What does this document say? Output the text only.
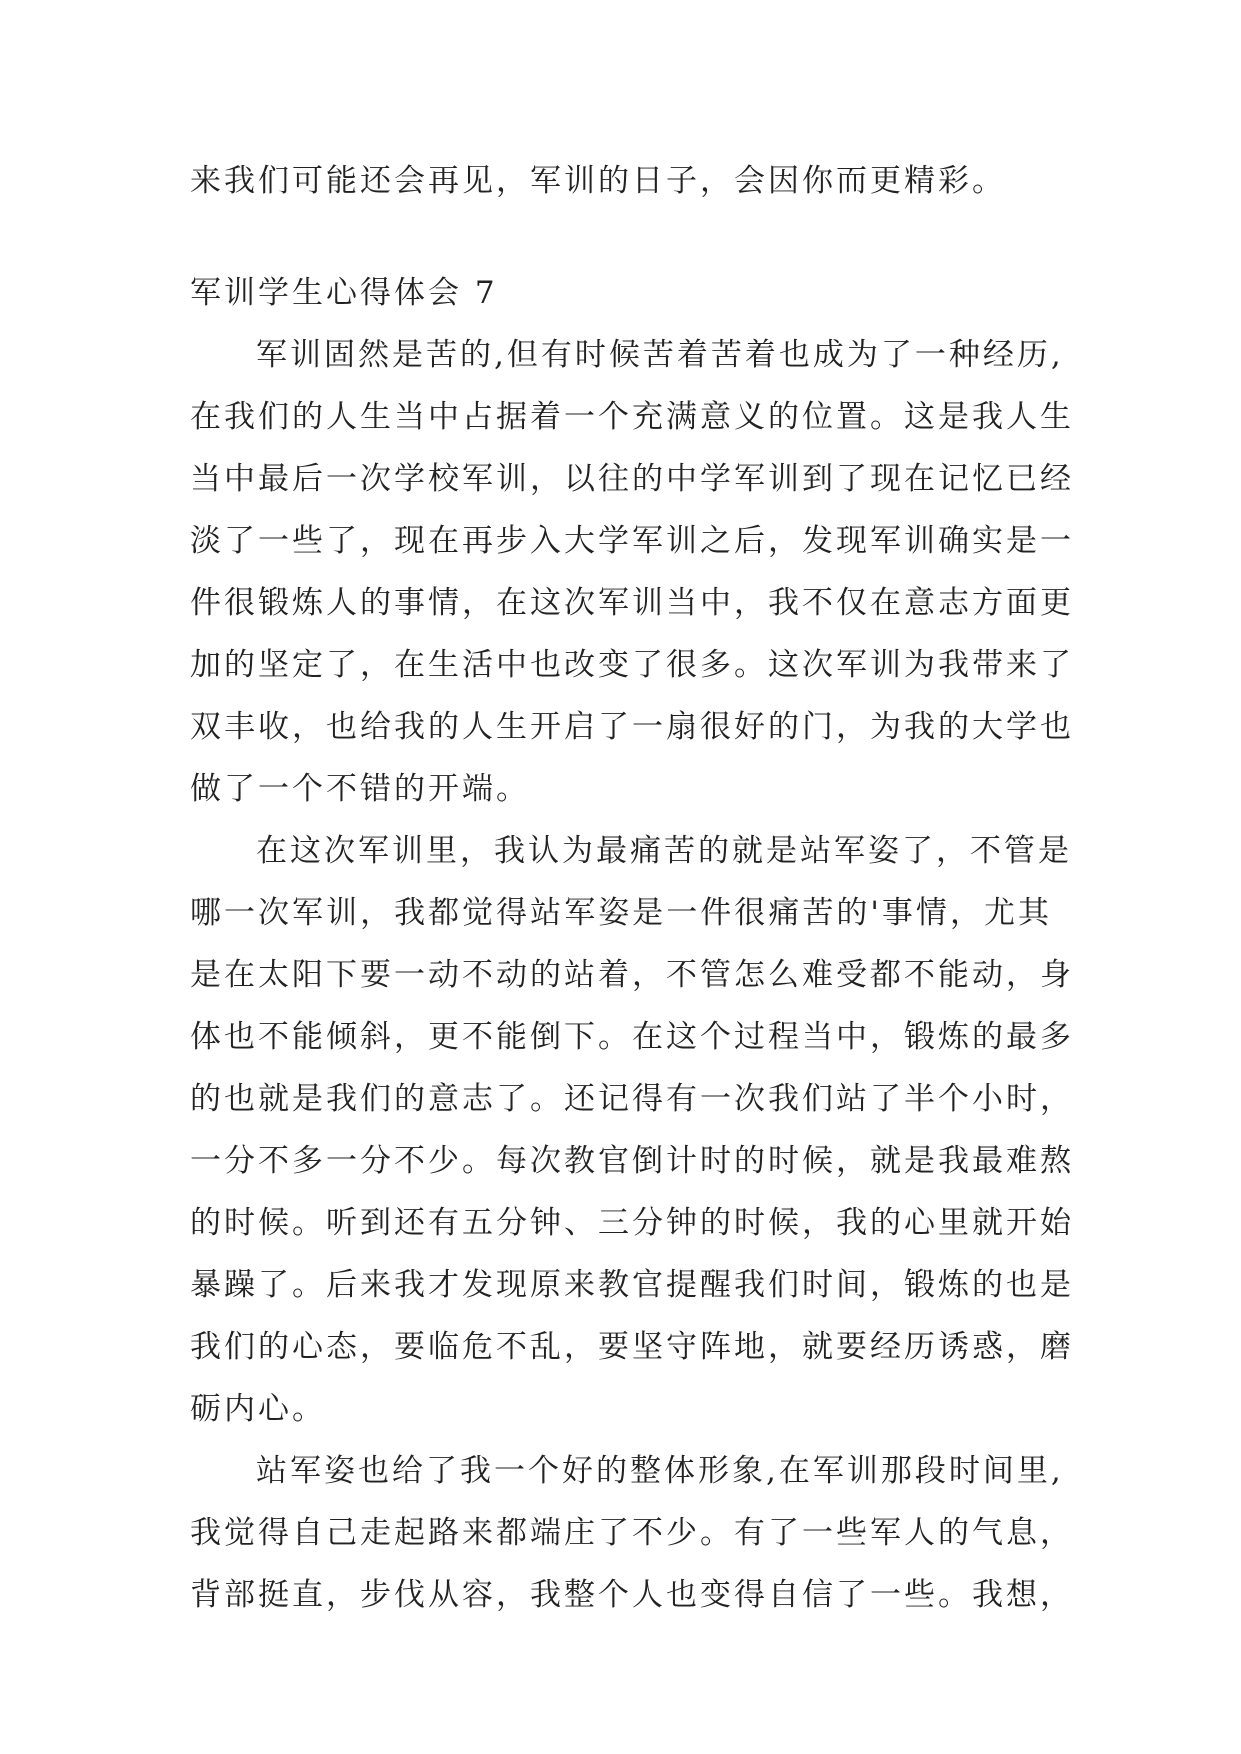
来我们可能还会再见，军训的日子，会因你而更精彩。
军训学生心得体会 7
军训固然是苦的,但有时候苦着苦着也成为了一种经历,
在我们的人生当中占据着一个充满意义的位置。这是我人生
当中最后一次学校军训，以往的中学军训到了现在记忆已经
淡了一些了，现在再步入大学军训之后，发现军训确实是一
件很锻炼人的事情，在这次军训当中，我不仅在意志方面更
加的坚定了，在生活中也改变了很多。这次军训为我带来了
双丰收，也给我的人生开启了一扇很好的门，为我的大学也
做了一个不错的开端。
在这次军训里，我认为最痛苦的就是站军姿了，不管是
哪一次军训，我都觉得站军姿是一件很痛苦的'事情，尤其
是在太阳下要一动不动的站着，不管怎么难受都不能动，身
体也不能倾斜，更不能倒下。在这个过程当中，锻炼的最多
的也就是我们的意志了。还记得有一次我们站了半个小时，
一分不多一分不少。每次教官倒计时的时候，就是我最难熬
的时候。听到还有五分钟、三分钟的时候，我的心里就开始
暴躁了。后来我才发现原来教官提醒我们时间，锻炼的也是
我们的心态，要临危不乱，要坚守阵地，就要经历诱惑，磨
砺内心。
站军姿也给了我一个好的整体形象,在军训那段时间里,
我觉得自己走起路来都端庄了不少。有了一些军人的气息，
背部挺直，步伐从容，我整个人也变得自信了一些。我想，
